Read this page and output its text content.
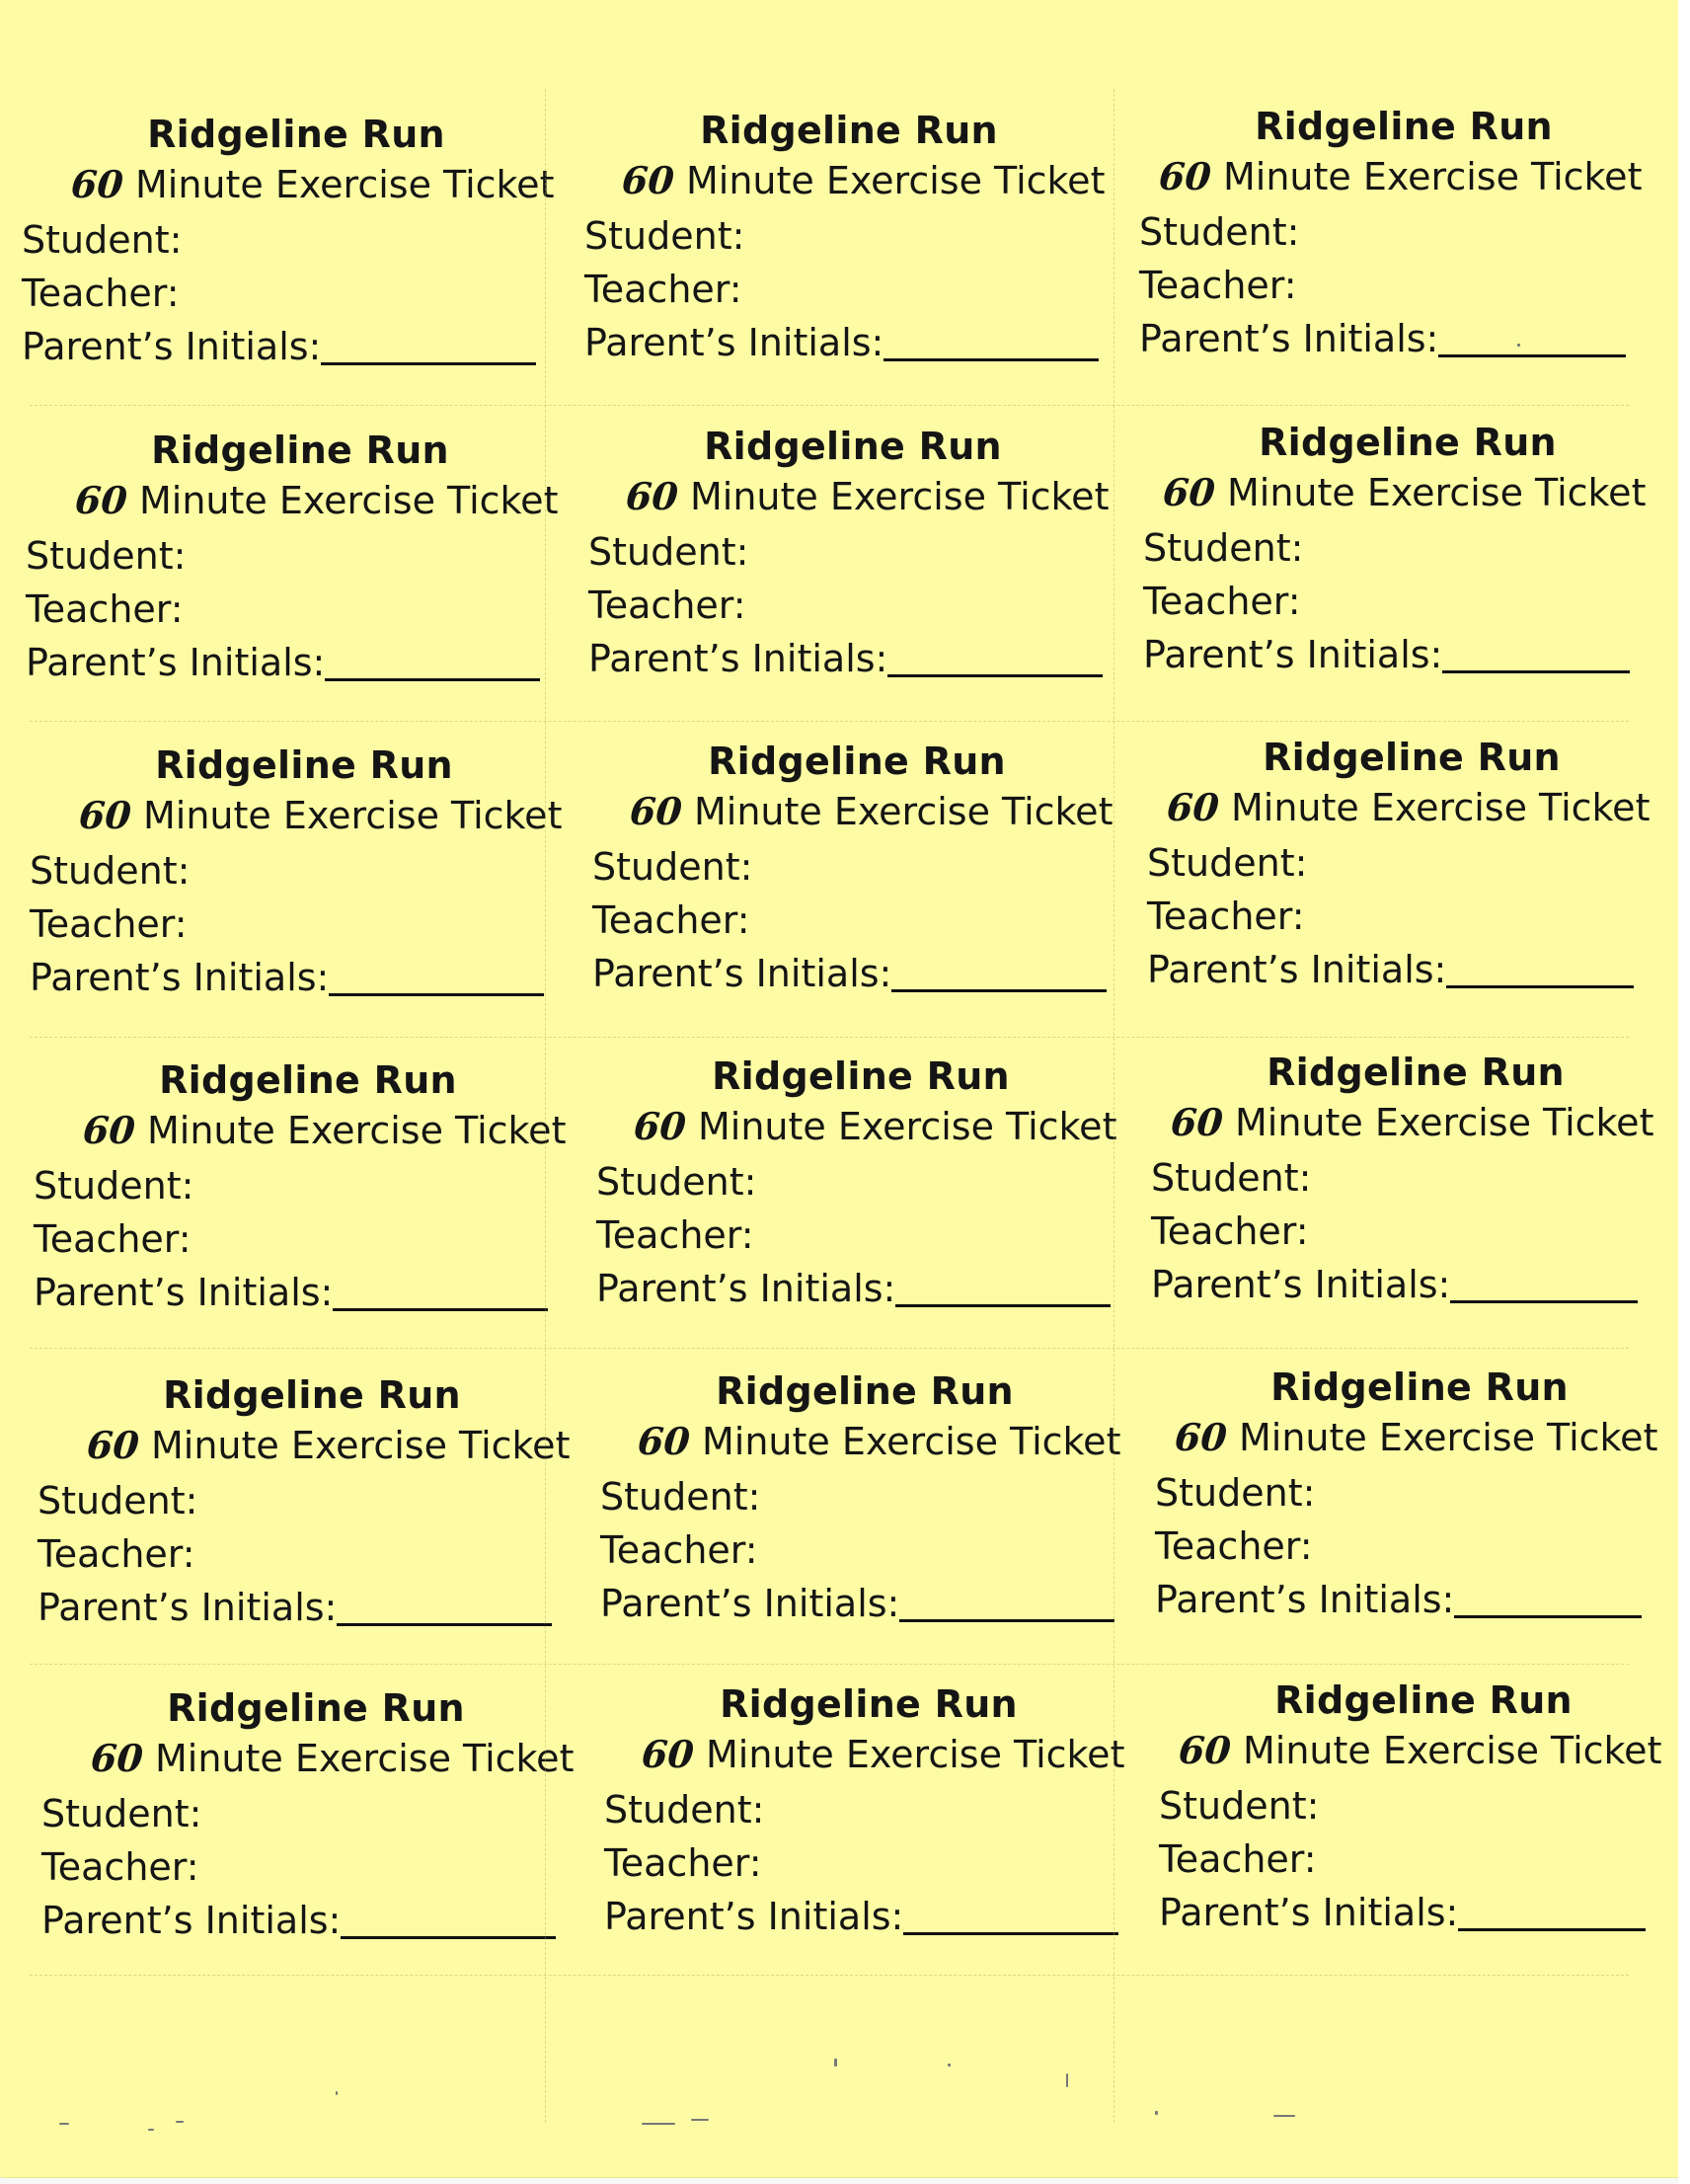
Ridgeline Run
60 Minute Exercise Ticket
Student:
Teacher:
Parent’s Initials:
Ridgeline Run
60 Minute Exercise Ticket
Student:
Teacher:
Parent’s Initials:
Ridgeline Run
60 Minute Exercise Ticket
Student:
Teacher:
Parent’s Initials:
Ridgeline Run
60 Minute Exercise Ticket
Student:
Teacher:
Parent’s Initials:
Ridgeline Run
60 Minute Exercise Ticket
Student:
Teacher:
Parent’s Initials:
Ridgeline Run
60 Minute Exercise Ticket
Student:
Teacher:
Parent’s Initials:
Ridgeline Run
60 Minute Exercise Ticket
Student:
Teacher:
Parent’s Initials:
Ridgeline Run
60 Minute Exercise Ticket
Student:
Teacher:
Parent’s Initials:
Ridgeline Run
60 Minute Exercise Ticket
Student:
Teacher:
Parent’s Initials:
Ridgeline Run
60 Minute Exercise Ticket
Student:
Teacher:
Parent’s Initials:
Ridgeline Run
60 Minute Exercise Ticket
Student:
Teacher:
Parent’s Initials:
Ridgeline Run
60 Minute Exercise Ticket
Student:
Teacher:
Parent’s Initials:
Ridgeline Run
60 Minute Exercise Ticket
Student:
Teacher:
Parent’s Initials:
Ridgeline Run
60 Minute Exercise Ticket
Student:
Teacher:
Parent’s Initials:
Ridgeline Run
60 Minute Exercise Ticket
Student:
Teacher:
Parent’s Initials:
Ridgeline Run
60 Minute Exercise Ticket
Student:
Teacher:
Parent’s Initials:
Ridgeline Run
60 Minute Exercise Ticket
Student:
Teacher:
Parent’s Initials:
Ridgeline Run
60 Minute Exercise Ticket
Student:
Teacher:
Parent’s Initials:
